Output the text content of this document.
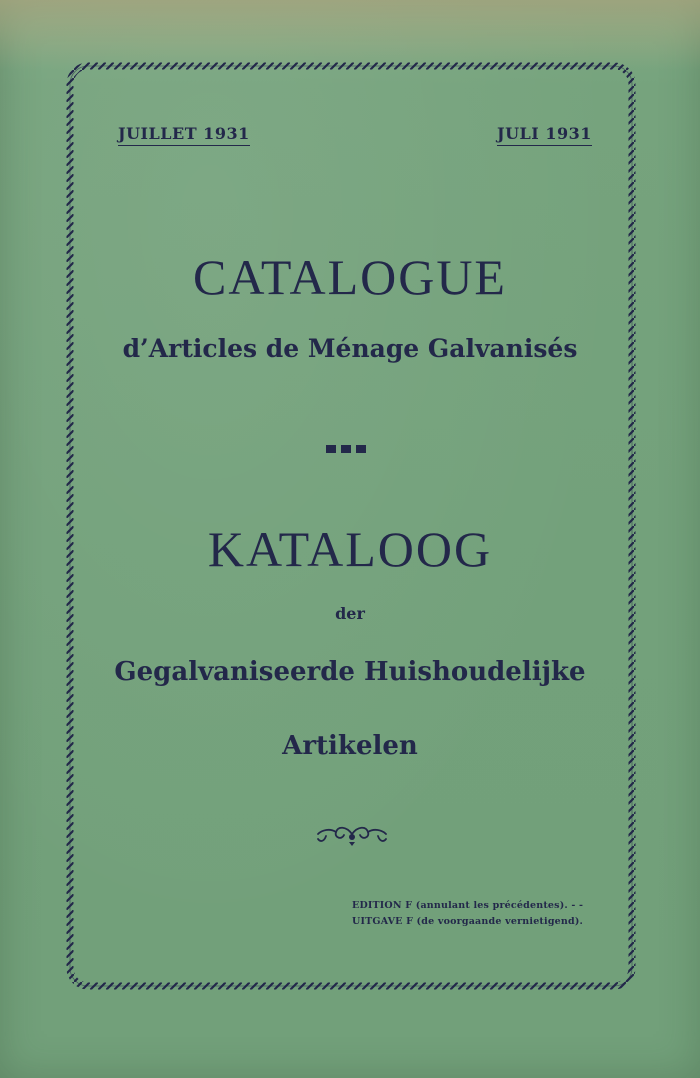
JUILLET 1931	JULI 1931

CATALOGUE

d’Articles de Ménage Galvanisés

KATALOOG

der

Gegalvaniseerde Huishoudelijke

Artikelen

EDITION F (annulant les précédentes). - -

UITGAVE F (de voorgaande vernietigend).
